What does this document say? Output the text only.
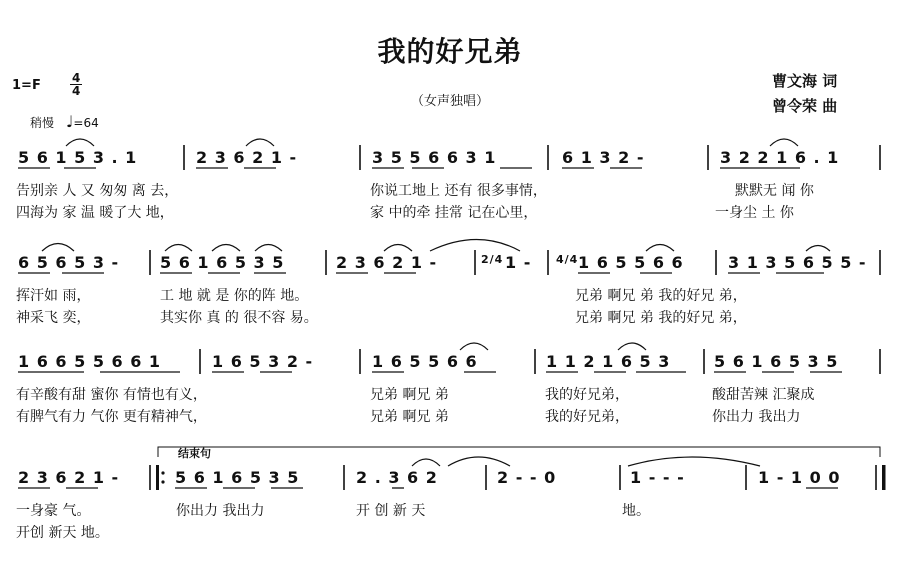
我的好兄弟
（女声独唱）
曹文海 词
曾令荣 曲
$1=F \frac{4}{4}$
稍慢 ♩=64
5 6 1 5 3 . 1	2 3 6 2 1 -	3 5 5 6 6 3 1	6 1 3 2 -	3 2 2 1 6 . 1
告别亲 人 又 匆匆 离 去，	你说工地上 还有 很多事情，	默默无 闻 你
四海为 家 温 暖了大 地，	家 中的牵 挂常 记在心里，	一身尘 土 你
6 5 6 5 3 -	5 6 1 6 5 3 5	2 3 6 2 1 -	2/4 1 - 4/4 1 6 5 5 6 6	3 1 3 5 6 5 5 -
挥汗如 雨，	工 地 就 是 你的阵 地。	兄弟 啊兄 弟 我的好兄 弟，
神采飞 奕，	其实你 真 的 很不容 易。	兄弟 啊兄 弟 我的好兄 弟，
1 6 6 5 5 6 6 1	1 6 5 3 2 -	1 6 5 5 6 6	1 1 2 1 6 5 3	5 6 1 6 5 3 5
有辛酸有甜 蜜你 有情也有义，	兄弟 啊兄 弟	我的好兄弟，	酸甜苦辣 汇聚成
有脾气有力 气你 更有精神气，	兄弟 啊兄 弟	我的好兄弟，	你出力 我出力
结束句
2 3 6 2 1 -	5 6 1 6 5 3 5	2 . 3 6 2	2 - - 0	1 - - -	1 - 1 0 0
一身豪 气。	你出力 我出力	开 创 新 天	地。
开创 新天 地。
